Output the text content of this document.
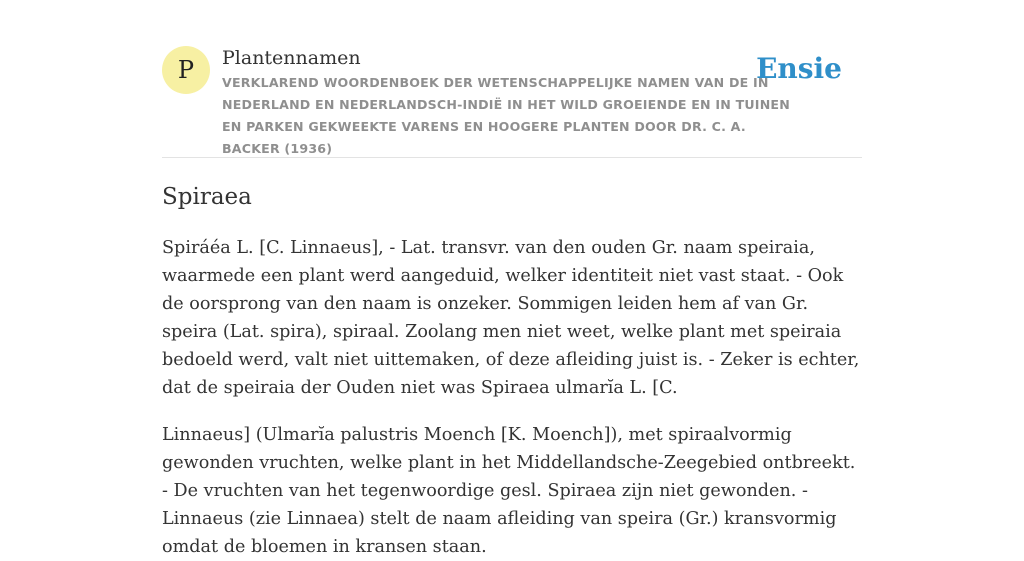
P Plantennamen
VERKLAREND WOORDENBOEK DER WETENSCHAPPELIJKE NAMEN VAN DE IN NEDERLAND EN NEDERLANDSCH-INDIË IN HET WILD GROEIENDE EN IN TUINEN EN PARKEN GEKWEEKTE VARENS EN HOOGERE PLANTEN DOOR DR. C. A. BACKER (1936)
Ensie
Spiraea

Spiráéa L. [C. Linnaeus], - Lat. transvr. van den ouden Gr. naam speiraia, waarmede een plant werd aangeduid, welker identiteit niet vast staat. - Ook de oorsprong van den naam is onzeker. Sommigen leiden hem af van Gr. speira (Lat. spira), spiraal. Zoolang men niet weet, welke plant met speiraia bedoeld werd, valt niet uittemaken, of deze afleiding juist is. - Zeker is echter, dat de speiraia der Ouden niet was Spiraea ulmarĭa L. [C.

Linnaeus] (Ulmarĭa palustris Moench [K. Moench]), met spiraalvormig gewonden vruchten, welke plant in het Middellandsche-Zeegebied ontbreekt. - De vruchten van het tegenwoordige gesl. Spiraea zijn niet gewonden. - Linnaeus (zie Linnaea) stelt de naam afleiding van speira (Gr.) kransvormig omdat de bloemen in kransen staan.
